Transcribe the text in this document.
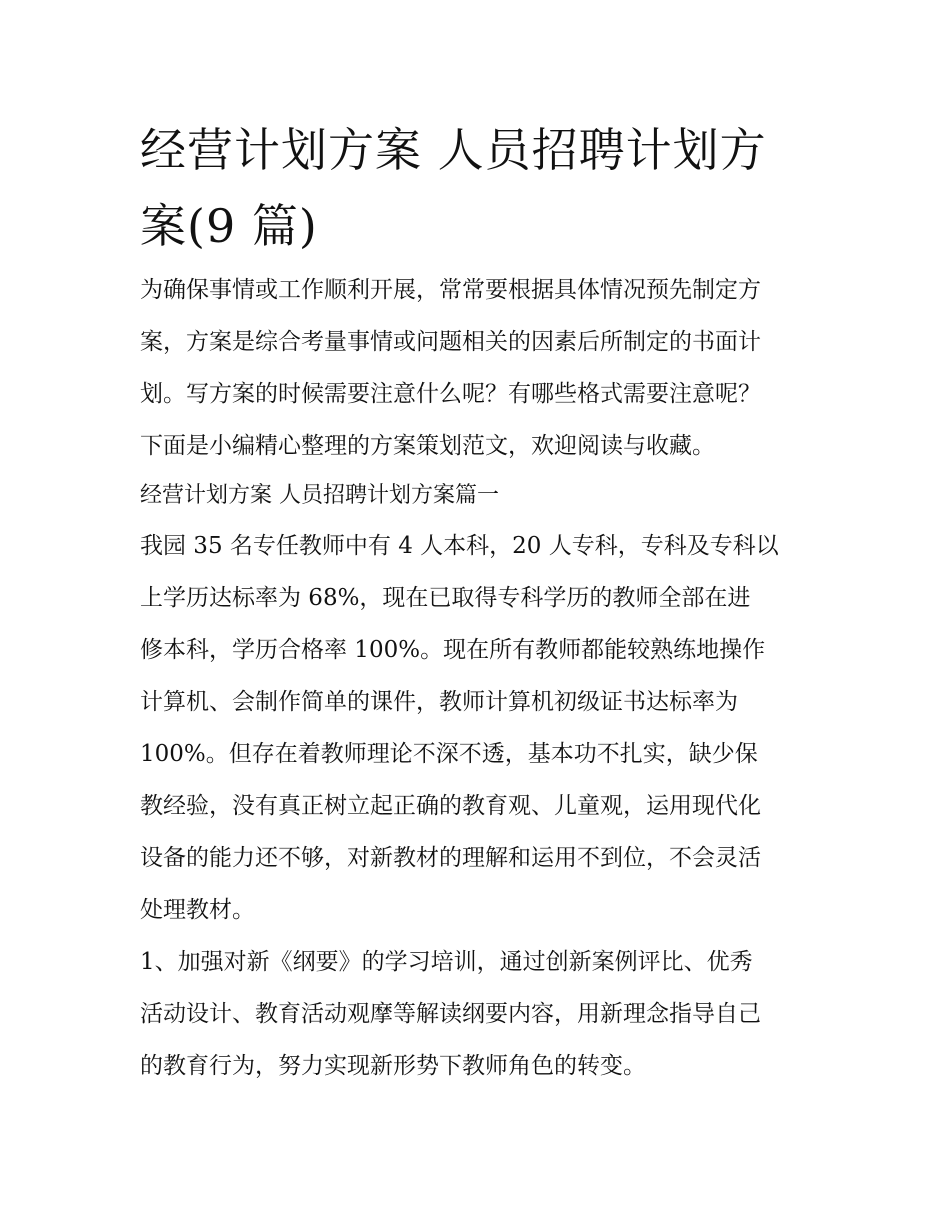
经营计划方案 人员招聘计划方
案(9 篇)

为确保事情或工作顺利开展，常常要根据具体情况预先制定方
案，方案是综合考量事情或问题相关的因素后所制定的书面计
划。写方案的时候需要注意什么呢？有哪些格式需要注意呢？
下面是小编精心整理的方案策划范文，欢迎阅读与收藏。

经营计划方案 人员招聘计划方案篇一

我园 35 名专任教师中有 4 人本科，20 人专科，专科及专科以
上学历达标率为 68%，现在已取得专科学历的教师全部在进
修本科，学历合格率 100%。现在所有教师都能较熟练地操作
计算机、会制作简单的课件，教师计算机初级证书达标率为
100%。但存在着教师理论不深不透，基本功不扎实，缺少保
教经验，没有真正树立起正确的教育观、儿童观，运用现代化
设备的能力还不够，对新教材的理解和运用不到位，不会灵活
处理教材。

1、加强对新《纲要》的学习培训，通过创新案例评比、优秀
活动设计、教育活动观摩等解读纲要内容，用新理念指导自己
的教育行为，努力实现新形势下教师角色的转变。
